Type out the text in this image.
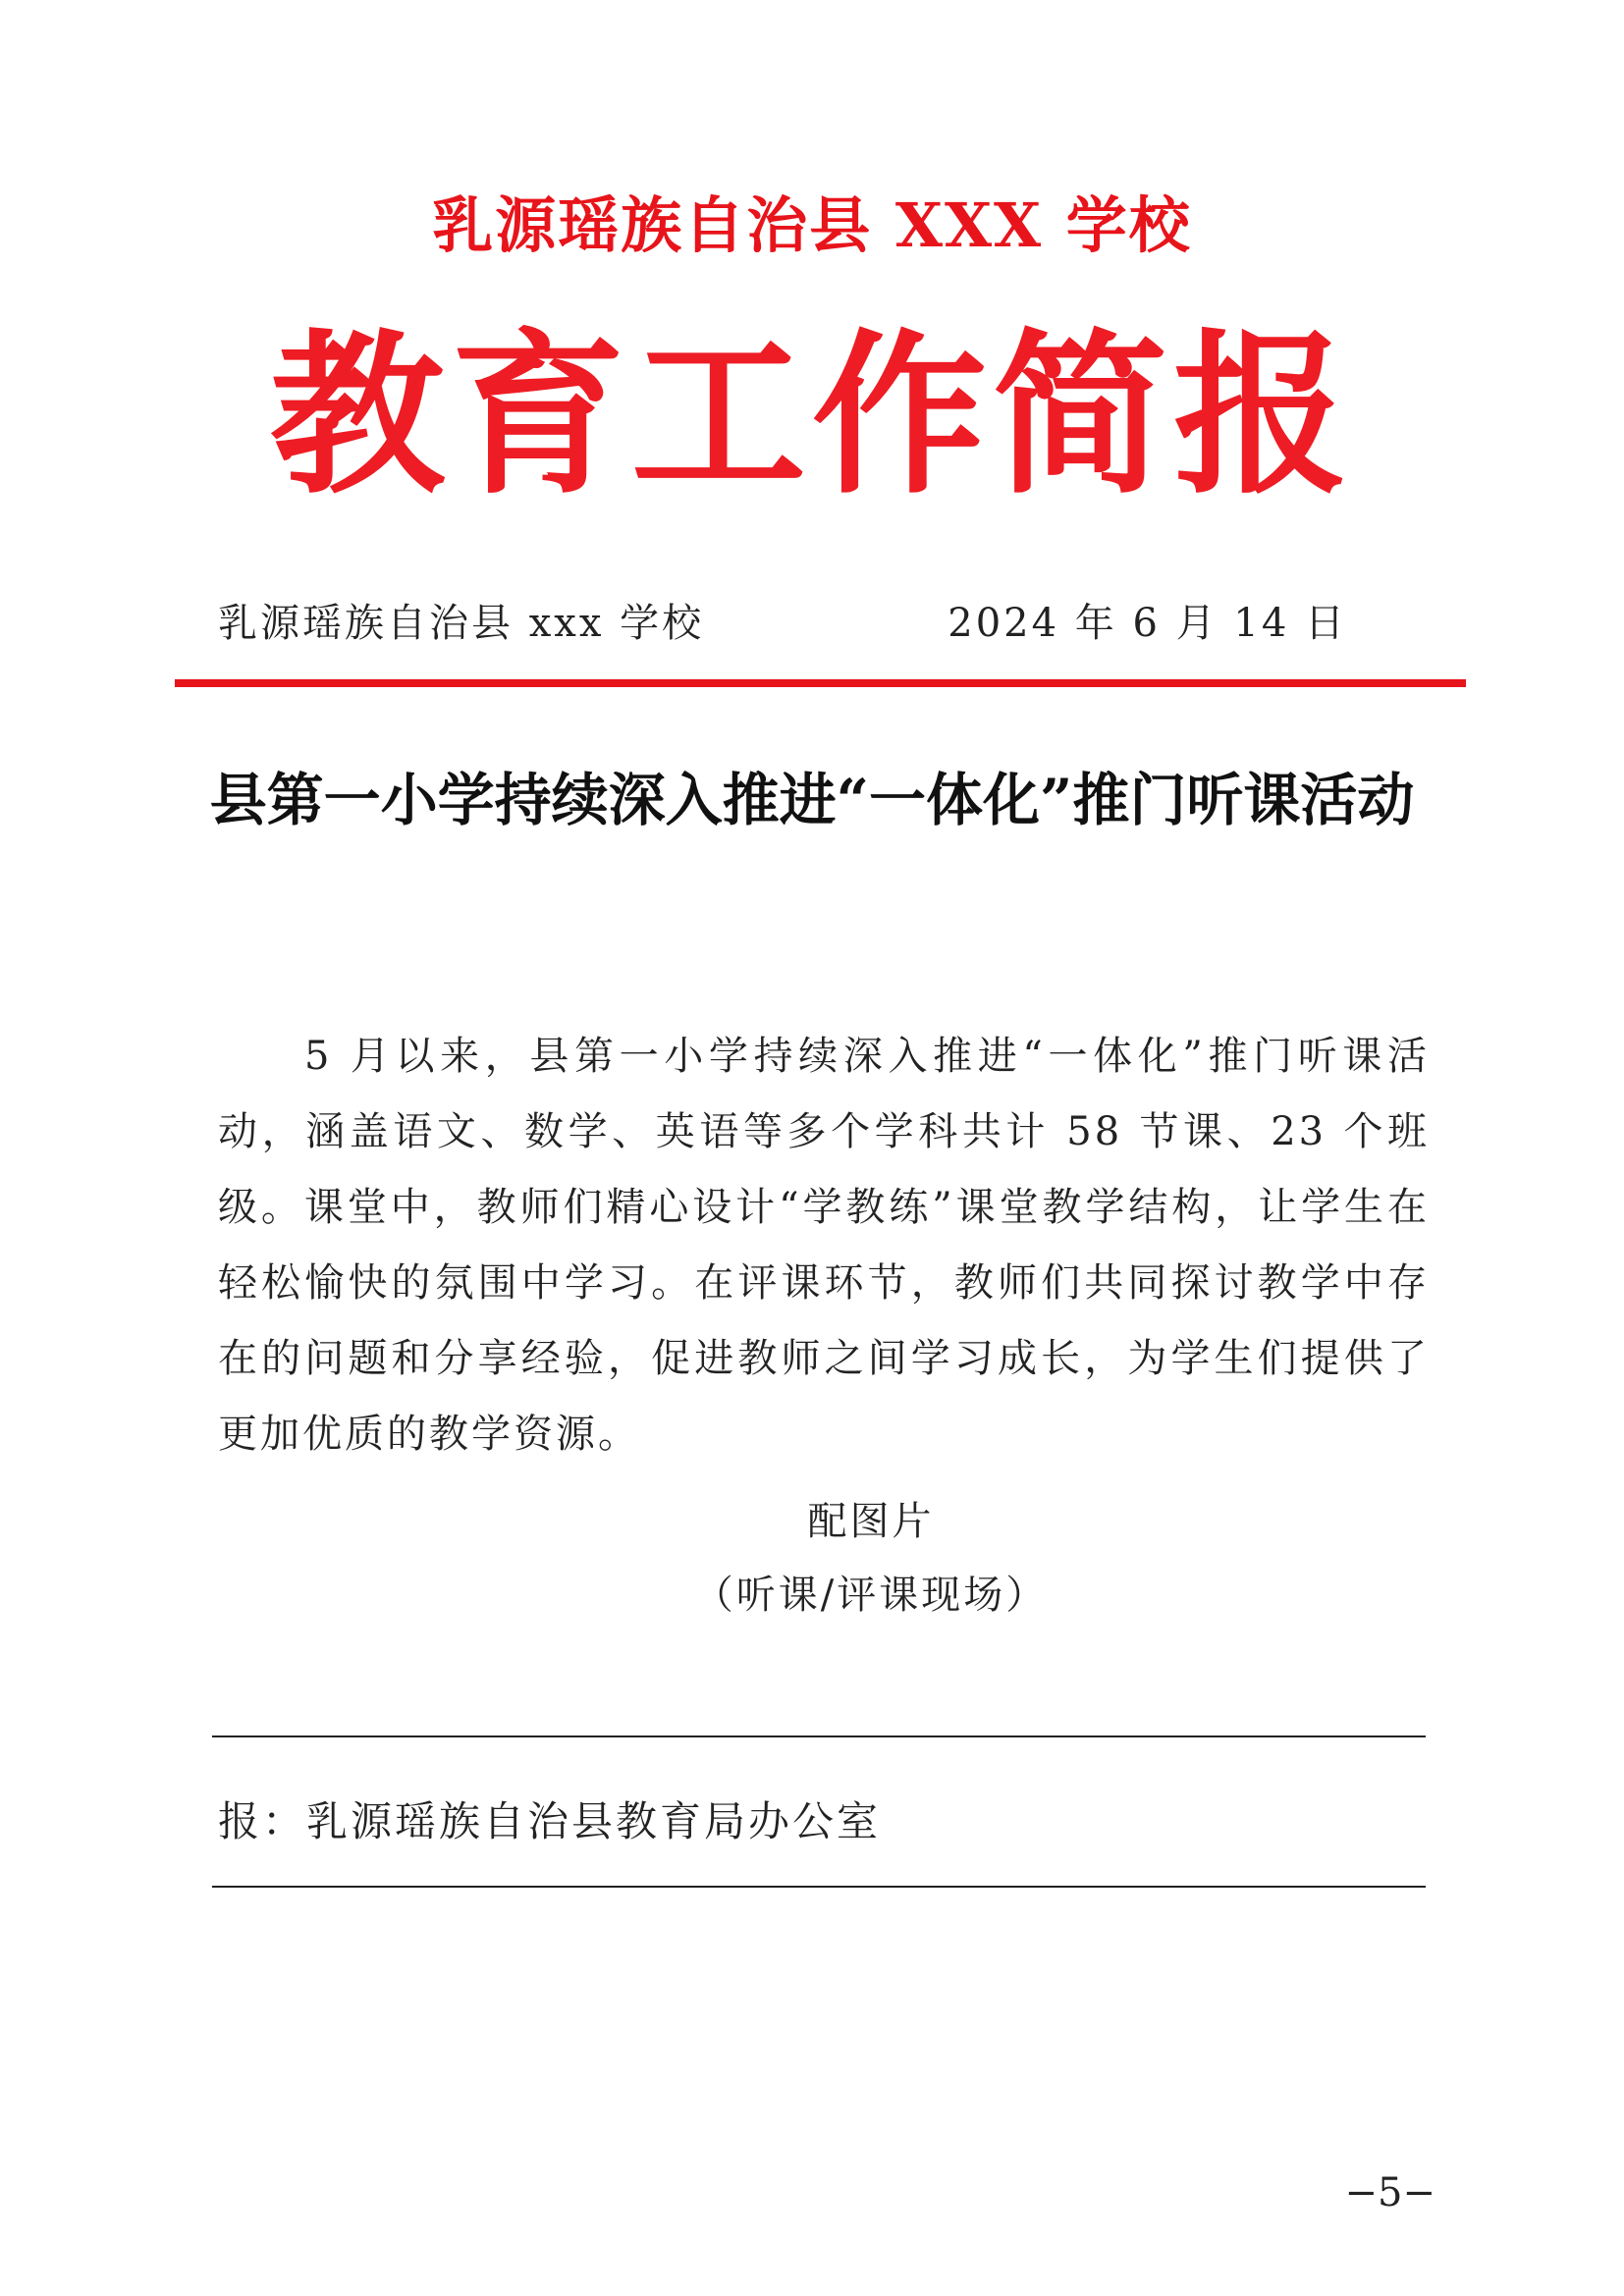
乳源瑶族自治县 XXX 学校
教育工作简报
乳源瑶族自治县 xxx 学校	2024 年 6 月 14 日
县第一小学持续深入推进“一体化”推门听课活动

5 月以来，县第一小学持续深入推进“一体化”推门听课活动，涵盖语文、数学、英语等多个学科共计 58 节课、23 个班级。课堂中，教师们精心设计“学教练”课堂教学结构，让学生在轻松愉快的氛围中学习。在评课环节，教师们共同探讨教学中存在的问题和分享经验，促进教师之间学习成长，为学生们提供了更加优质的教学资源。

配图片
（听课/评课现场）
报：乳源瑶族自治县教育局办公室
−5−
